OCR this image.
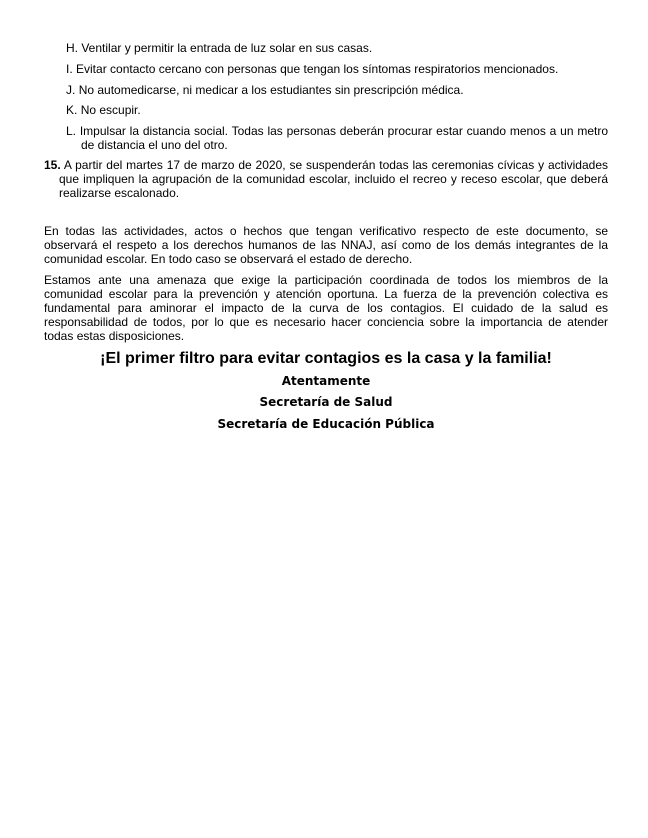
H. Ventilar y permitir la entrada de luz solar en sus casas.
I. Evitar contacto cercano con personas que tengan los síntomas respiratorios mencionados.
J. No automedicarse, ni medicar a los estudiantes sin prescripción médica.
K. No escupir.
L. Impulsar la distancia social. Todas las personas deberán procurar estar cuando menos a un metro
de distancia el uno del otro.
15. A partir del martes 17 de marzo de 2020, se suspenderán todas las ceremonias cívicas y actividades
que impliquen la agrupación de la comunidad escolar, incluido el recreo y receso escolar, que deberá
realizarse escalonado.
En todas las actividades, actos o hechos que tengan verificativo respecto de este documento, se
observará el respeto a los derechos humanos de las NNAJ, así como de los demás integrantes de la
comunidad escolar. En todo caso se observará el estado de derecho.
Estamos ante una amenaza que exige la participación coordinada de todos los miembros de la
comunidad escolar para la prevención y atención oportuna. La fuerza de la prevención colectiva es
fundamental para aminorar el impacto de la curva de los contagios. El cuidado de la salud es
responsabilidad de todos, por lo que es necesario hacer conciencia sobre la importancia de atender
todas estas disposiciones.
¡El primer filtro para evitar contagios es la casa y la familia!
Atentamente
Secretaría de Salud
Secretaría de Educación Pública
